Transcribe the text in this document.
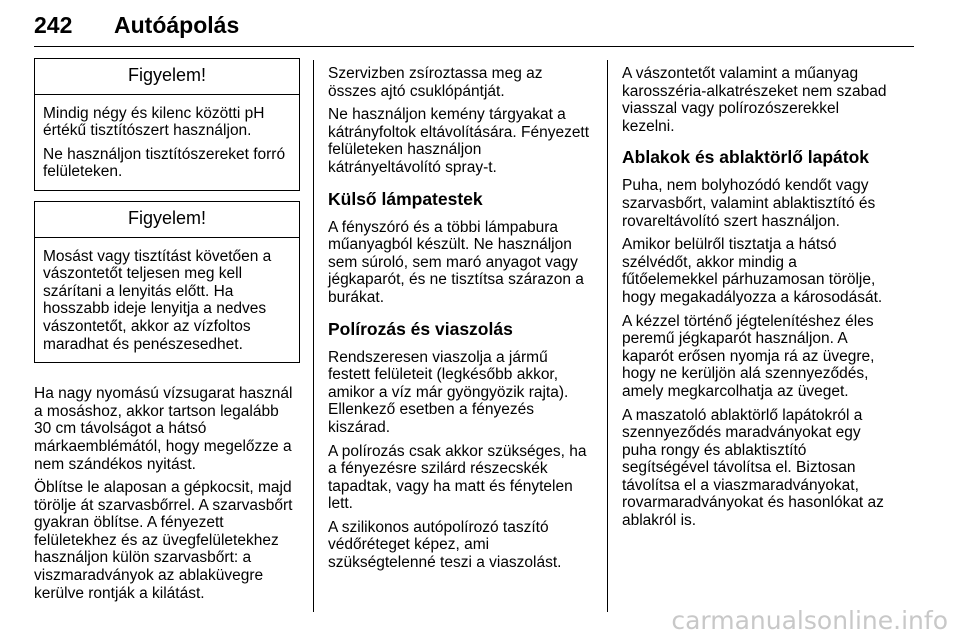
242 Autóápolás
Figyelem!

Mindig négy és kilenc közötti pH értékű tisztítószert használjon.

Ne használjon tisztítószereket forró felületeken.

Figyelem!

Mosást vagy tisztítást követően a vászontetőt teljesen meg kell szárítani a lenyitás előtt. Ha hosszabb ideje lenyitja a nedves vászontetőt, akkor az vízfoltos maradhat és penészesedhet.

Ha nagy nyomású vízsugarat használ a mosáshoz, akkor tartson legalább 30 cm távolságot a hátsó márkaemblémától, hogy megelőzze a nem szándékos nyitást.

Öblítse le alaposan a gépkocsit, majd törölje át szarvasbőrrel. A szarvasbőrt gyakran öblítse. A fényezett felületekhez és az üvegfelületekhez használjon külön szarvasbőrt: a viszmaradványok az ablaküvegre kerülve rontják a kilátást.

Szervizben zsíroztassa meg az összes ajtó csuklópántját.

Ne használjon kemény tárgyakat a kátrányfoltok eltávolítására. Fényezett felületeken használjon kátrányeltávolító spray-t.

Külső lámpatestek

A fényszóró és a többi lámpabura műanyagból készült. Ne használjon sem súroló, sem maró anyagot vagy jégkaparót, és ne tisztítsa szárazon a burákat.

Polírozás és viaszolás

Rendszeresen viaszolja a jármű festett felületeit (legkésőbb akkor, amikor a víz már gyöngyözik rajta). Ellenkező esetben a fényezés kiszárad.

A polírozás csak akkor szükséges, ha a fényezésre szilárd részecskék tapadtak, vagy ha matt és fénytelen lett.

A szilikonos autópolírozó taszító védőréteget képez, ami szükségtelenné teszi a viaszolást.

A vászontetőt valamint a műanyag karosszéria-alkatrészeket nem szabad viasszal vagy polírozószerekkel kezelni.

Ablakok és ablaktörlő lapátok

Puha, nem bolyhozódó kendőt vagy szarvasbőrt, valamint ablaktisztító és rovareltávolító szert használjon.

Amikor belülről tisztatja a hátsó szélvédőt, akkor mindig a fűtőelemekkel párhuzamosan törölje, hogy megakadályozza a károsodását.

A kézzel történő jégtelenítéshez éles peremű jégkaparót használjon. A kaparót erősen nyomja rá az üvegre, hogy ne kerüljön alá szennyeződés, amely megkarcolhatja az üveget.

A maszatoló ablaktörlő lapátokról a szennyeződés maradványokat egy puha rongy és ablaktisztító segítségével távolítsa el. Biztosan távolítsa el a viaszmaradványokat, rovarmaradványokat és hasonlókat az ablakról is.

carmanualsonline.info
